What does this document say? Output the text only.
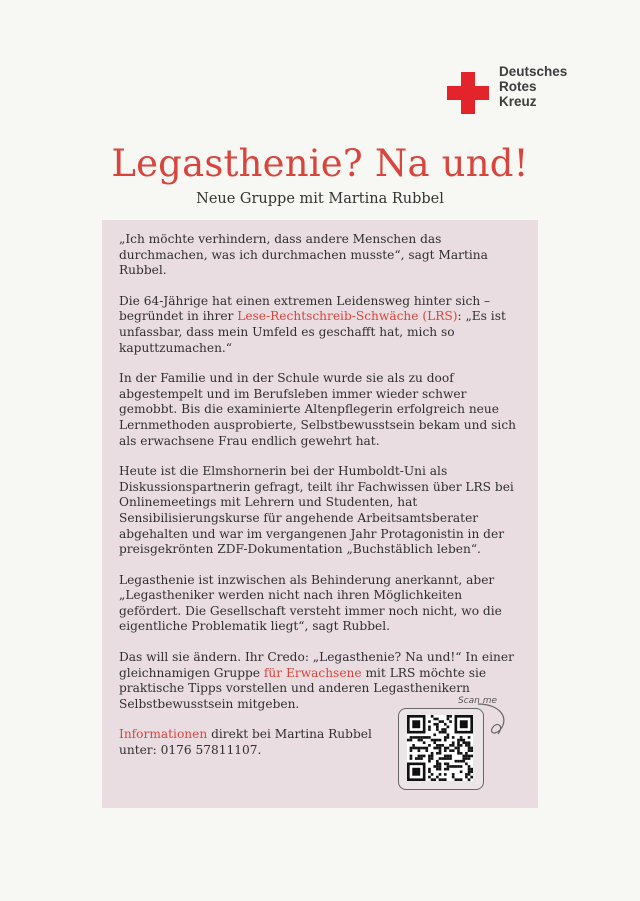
Deutsches
Rotes
Kreuz
Legasthenie? Na und!
Neue Gruppe mit Martina Rubbel

„Ich möchte verhindern, dass andere Menschen das durchmachen, was ich durchmachen musste“, sagt Martina Rubbel.

Die 64-Jährige hat einen extremen Leidensweg hinter sich – begründet in ihrer Lese-Rechtschreib-Schwäche (LRS): „Es ist unfassbar, dass mein Umfeld es geschafft hat, mich so kaputtzumachen.“

In der Familie und in der Schule wurde sie als zu doof abgestempelt und im Berufsleben immer wieder schwer gemobbt. Bis die examinierte Altenpflegerin erfolgreich neue Lernmethoden ausprobierte, Selbstbewusstsein bekam und sich als erwachsene Frau endlich gewehrt hat.

Heute ist die Elmshornerin bei der Humboldt-Uni als Diskussionspartnerin gefragt, teilt ihr Fachwissen über LRS bei Onlinemeetings mit Lehrern und Studenten, hat Sensibilisierungskurse für angehende Arbeitsamtsberater abgehalten und war im vergangenen Jahr Protagonistin in der preisgekrönten ZDF-Dokumentation „Buchstäblich leben“.

Legasthenie ist inzwischen als Behinderung anerkannt, aber „Legastheniker werden nicht nach ihren Möglichkeiten gefördert. Die Gesellschaft versteht immer noch nicht, wo die eigentliche Problematik liegt“, sagt Rubbel.

Das will sie ändern. Ihr Credo: „Legasthenie? Na und!“ In einer gleichnamigen Gruppe für Erwachsene mit LRS möchte sie praktische Tipps vorstellen und anderen Legasthenikern Selbstbewusstsein mitgeben.

Informationen direkt bei Martina Rubbel unter: 0176 57811107.

Scan me
